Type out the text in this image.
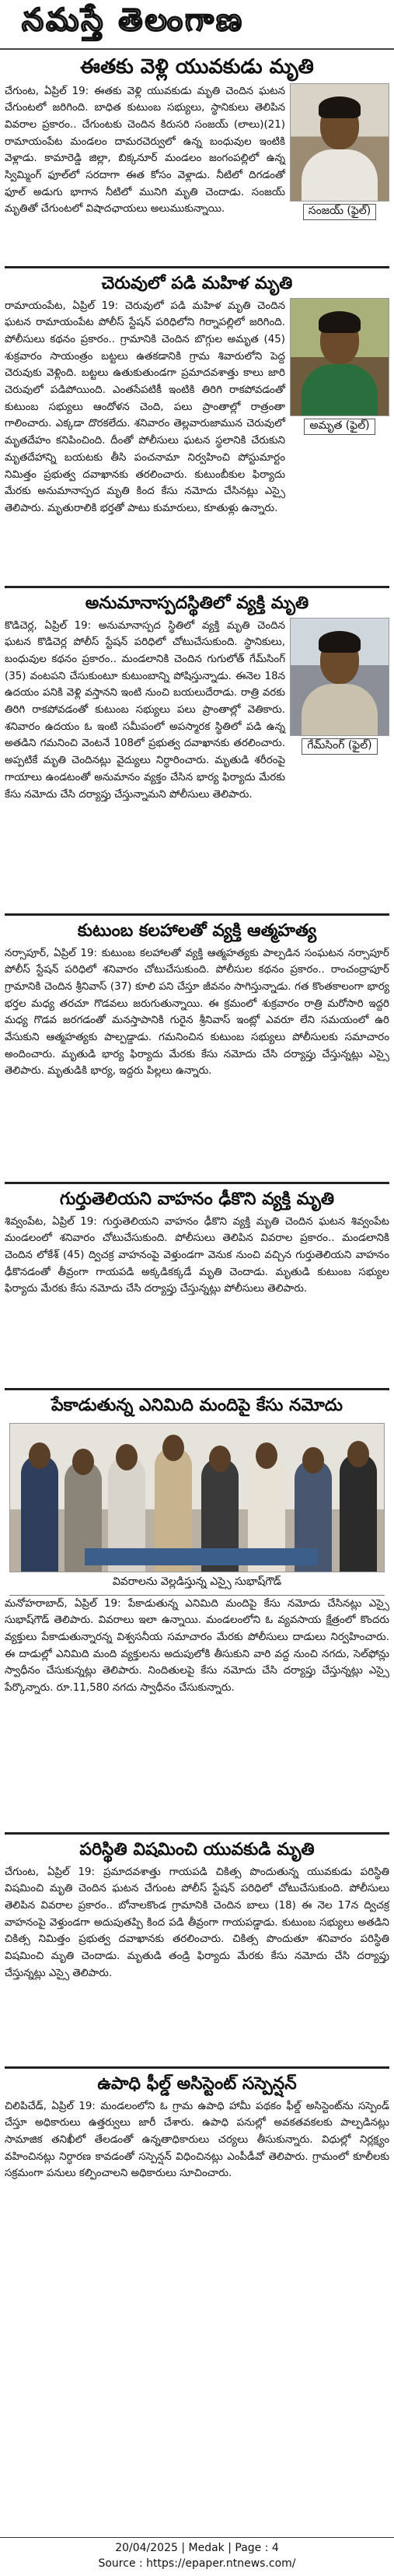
నమస్తే తెలంగాణ
ఈతకు వెళ్లి యువకుడు మృతి
చేగుంట, ఏప్రిల్ 19: ఈతకు వెళ్లి యువకుడు మృతి చెందిన ఘటన చేగుంటలో జరిగింది. బాధిత కుటుంబ సభ్యులు, స్థానికులు తెలిపిన వివరాల ప్రకారం.. చేగుంటకు చెందిన కిరుసరి సంజయ్ (లాలు)(21) రామాయంపేట మండలం దామరచెర్వులో ఉన్న బంధువుల ఇంటికి వెళ్లాడు. కామారెడ్డి జిల్లా, బిక్కనూర్ మండలం జంగంపల్లిలో ఉన్న స్విమ్మింగ్ ఫూల్‌లో సరదాగా ఈత కోసం వెళ్లాడు. నీటిలో దిగడంతో ఫూల్ అడుగు భాగాన నీటిలో మునిగి మృతి చెందాడు. సంజయ్ మృతితో చేగుంటలో విషాదఛాయలు అలుముకున్నాయి.	సంజయ్ (ఫైల్)
చెరువులో పడి మహిళ మృతి
రామాయంపేట, ఏప్రిల్ 19: చెరువులో పడి మహిళ మృతి చెందిన ఘటన రామాయంపేట పోలీస్ స్టేషన్ పరిధిలోని గిర్నాపల్లిలో జరిగింది. పోలీసులు కథనం ప్రకారం.. గ్రామానికి చెందిన బొగ్గుల అమృత (45) శుక్రవారం సాయంత్రం బట్టలు ఉతకడానికి గ్రామ శివారులోని పెద్ద చెరువుకు వెళ్లింది. బట్టలు ఉతుకుతుండగా ప్రమాదవశాత్తు కాలు జారి చెరువులో పడిపోయింది. ఎంతసేపటికీ ఇంటికి తిరిగి రాకపోవడంతో కుటుంబ సభ్యులు ఆందోళన చెంది, పలు ప్రాంతాల్లో రాత్రంతా గాలించారు. ఎక్కడా దొరకలేదు. శనివారం తెల్లవారుజామున చెరువులో మృతదేహం కనిపించింది. దీంతో పోలీసులు ఘటన స్థలానికి చేరుకుని మృతదేహాన్ని బయటకు తీసి పంచనామా నిర్వహించి పోస్టుమార్టం నిమిత్తం ప్రభుత్వ దవాఖానకు తరలించారు. కుటుంబీకుల ఫిర్యాదు మేరకు అనుమానాస్పద మృతి కింద కేసు నమోదు చేసినట్లు ఎస్సై తెలిపారు. మృతురాలికి భర్తతో పాటు కుమారులు, కూతుళ్లు ఉన్నారు.
అమృత (ఫైల్)
అనుమానాస్పదస్థితిలో వ్యక్తి మృతి
కొడిచెర్ల, ఏప్రిల్ 19: అనుమానాస్పద స్థితిలో వ్యక్తి మృతి చెందిన ఘటన కొడిచెర్ల పోలీస్ స్టేషన్ పరిధిలో చోటుచేసుకుంది. స్థానికులు, బంధువుల కథనం ప్రకారం.. మండలానికి చెందిన గుగులోత్ గేమ్‌సింగ్ (35) వంటపని చేసుకుంటూ కుటుంబాన్ని పోషిస్తున్నాడు. ఈనెల 18న ఉదయం పనికి వెళ్లి వస్తానని ఇంటి నుంచి బయలుదేరాడు. రాత్రి వరకు తిరిగి రాకపోవడంతో కుటుంబ సభ్యులు పలు ప్రాంతాల్లో వెతికారు. శనివారం ఉదయం ఓ ఇంటి సమీపంలో అపస్మారక స్థితిలో పడి ఉన్న అతడిని గమనించి వెంటనే 108లో ప్రభుత్వ దవాఖానకు తరలించారు. అప్పటికే మృతి చెందినట్లు వైద్యులు నిర్ధారించారు. మృతుడి శరీరంపై గాయాలు ఉండటంతో అనుమానం వ్యక్తం చేసిన భార్య ఫిర్యాదు మేరకు కేసు నమోదు చేసి దర్యాప్తు చేస్తున్నామని పోలీసులు తెలిపారు.
గేమ్‌సింగ్ (ఫైల్)
కుటుంబ కలహాలతో వ్యక్తి ఆత్మహత్య
నర్సాపూర్, ఏప్రిల్ 19: కుటుంబ కలహాలతో వ్యక్తి ఆత్మహత్యకు పాల్పడిన సంఘటన నర్సాపూర్ పోలీస్ స్టేషన్ పరిధిలో శనివారం చోటుచేసుకుంది. పోలీసుల కథనం ప్రకారం.. రాంచంద్రాపూర్ గ్రామానికి చెందిన శ్రీనివాస్ (37) కూలి పని చేస్తూ జీవనం సాగిస్తున్నాడు. గత కొంతకాలంగా భార్య భర్తల మధ్య తరచూ గొడవలు జరుగుతున్నాయి. ఈ క్రమంలో శుక్రవారం రాత్రి మరోసారి ఇద్దరి మధ్య గొడవ జరగడంతో మనస్తాపానికి గురైన శ్రీనివాస్ ఇంట్లో ఎవరూ లేని సమయంలో ఉరి వేసుకుని ఆత్మహత్యకు పాల్పడ్డాడు. గమనించిన కుటుంబ సభ్యులు పోలీసులకు సమాచారం అందించారు. మృతుడి భార్య ఫిర్యాదు మేరకు కేసు నమోదు చేసి దర్యాప్తు చేస్తున్నట్లు ఎస్సై తెలిపారు. మృతుడికి భార్య, ఇద్దరు పిల్లలు ఉన్నారు.
గుర్తుతెలియని వాహనం ఢీకొని వ్యక్తి మృతి
శివ్వంపేట, ఏప్రిల్ 19: గుర్తుతెలియని వాహనం ఢీకొని వ్యక్తి మృతి చెందిన ఘటన శివ్వంపేట మండలంలో శనివారం చోటుచేసుకుంది. పోలీసులు తెలిపిన వివరాల ప్రకారం.. మండలానికి చెందిన లోకేశ్ (45) ద్విచక్ర వాహనంపై వెళ్తుండగా వెనుక నుంచి వచ్చిన గుర్తుతెలియని వాహనం ఢీకొనడంతో తీవ్రంగా గాయపడి అక్కడికక్కడే మృతి చెందాడు. మృతుడి కుటుంబ సభ్యుల ఫిర్యాదు మేరకు కేసు నమోదు చేసి దర్యాప్తు చేస్తున్నట్లు పోలీసులు తెలిపారు.
పేకాడుతున్న ఎనిమిది మందిపై కేసు నమోదు
వివరాలను వెల్లడిస్తున్న ఎస్సై సుభాష్‌గౌడ్
మనోహరాబాద్, ఏప్రిల్ 19: పేకాడుతున్న ఎనిమిది మందిపై కేసు నమోదు చేసినట్లు ఎస్సై సుభాష్‌గౌడ్ తెలిపారు. వివరాలు ఇలా ఉన్నాయి. మండలంలోని ఓ వ్యవసాయ క్షేత్రంలో కొందరు వ్యక్తులు పేకాడుతున్నారన్న విశ్వసనీయ సమాచారం మేరకు పోలీసులు దాడులు నిర్వహించారు. ఈ దాడుల్లో ఎనిమిది మంది వ్యక్తులను అదుపులోకి తీసుకుని వారి వద్ద నుంచి నగదు, సెల్‌ఫోన్లు స్వాధీనం చేసుకున్నట్లు తెలిపారు. నిందితులపై కేసు నమోదు చేసి దర్యాప్తు చేస్తున్నట్లు ఎస్సై పేర్కొన్నారు. రూ.11,580 నగదు స్వాధీనం చేసుకున్నారు.
పరిస్థితి విషమించి యువకుడి మృతి
చేగుంట, ఏప్రిల్ 19: ప్రమాదవశాత్తు గాయపడి చికిత్స పొందుతున్న యువకుడు పరిస్థితి విషమించి మృతి చెందిన ఘటన చేగుంట పోలీస్ స్టేషన్ పరిధిలో చోటుచేసుకుంది. పోలీసులు తెలిపిన వివరాల ప్రకారం.. బోనాలకొండ గ్రామానికి చెందిన బాలు (18) ఈ నెల 17న ద్విచక్ర వాహనంపై వెళ్తుండగా అదుపుతప్పి కింద పడి తీవ్రంగా గాయపడ్డాడు. కుటుంబ సభ్యులు అతడిని చికిత్స నిమిత్తం ప్రభుత్వ దవాఖానకు తరలించారు. చికిత్స పొందుతూ శనివారం పరిస్థితి విషమించి మృతి చెందాడు. మృతుడి తండ్రి ఫిర్యాదు మేరకు కేసు నమోదు చేసి దర్యాప్తు చేస్తున్నట్లు ఎస్సై తెలిపారు.
ఉపాధి ఫీల్డ్ అసిస్టెంట్ సస్పెన్షన్
చిలిపిచేడ్, ఏప్రిల్ 19: మండలంలోని ఓ గ్రామ ఉపాధి హామీ పథకం ఫీల్డ్ అసిస్టెంట్‌ను సస్పెండ్ చేస్తూ అధికారులు ఉత్తర్వులు జారీ చేశారు. ఉపాధి పనుల్లో అవకతవకలకు పాల్పడినట్లు సామాజిక తనిఖీలో తేలడంతో ఉన్నతాధికారులు చర్యలు తీసుకున్నారు. విధుల్లో నిర్లక్ష్యం వహించినట్లు నిర్ధారణ కావడంతో సస్పెన్షన్ విధించినట్లు ఎంపీడీవో తెలిపారు. గ్రామంలో కూలీలకు సక్రమంగా పనులు కల్పించాలని అధికారులు సూచించారు.
20/04/2025 | Medak | Page : 4
Source : https://epaper.ntnews.com/
